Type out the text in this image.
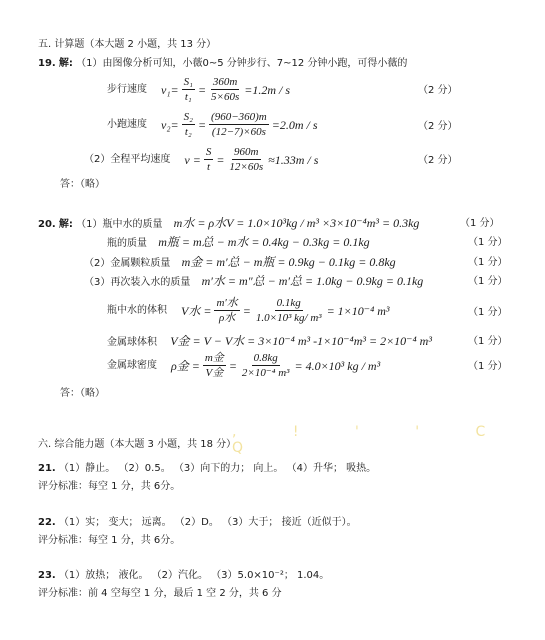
, ! ' ' C Q
五. 计算题（本大题 2 小题，共 13 分）
19. 解: （1）由图像分析可知，小薇0~5 分钟步行、7~12 分钟小跑，可得小薇的
步行速度 $v_1= \frac{\text{S₁}}{\text{t₁}} = \frac{360m}{5\times 60s} =1.2m / s$	（2 分）
小跑速度 $v_2= \frac{\text{S₂}}{\text{t₂}} = \frac{(960-360)m}{(12-7)\times 60s} =2.0m / s$	（2 分）
（2）全程平均速度 $v = \frac{S}{t} = \frac{960m}{12\times 60s} \approx 1.33m / s$	（2 分）
答：（略）
20. 解: （1）瓶中水的质量 m水 = ρ水V = 1.0×10³kg / m³ ×3×10⁻⁴m³ = 0.3kg	（1 分）
瓶的质量 m瓶 = m总 − m水 = 0.4kg − 0.3kg = 0.1kg	（1 分）
（2）金属颗粒质量 m金 = m′总 − m瓶 = 0.9kg − 0.1kg = 0.8kg	（1 分）
（3）再次装入水的质量 m′水 = m″总 − m′总 = 1.0kg − 0.9kg = 0.1kg	（1 分）
瓶中水的体积 V水 = $\frac{\text{m′水}}{\text{ρ水}} = \frac{0.1kg}{\text{1.0×10³ kg/ m³}} = 1\times 10^{-4}$ m³	（1 分）
金属球体积 V金 = V − V水 = 3×10⁻⁴ m³ -1×10⁻⁴m³ = 2×10⁻⁴ m³	（1 分）
金属球密度 ρ金 = $\frac{\text{m金}}{\text{V金}} = \frac{0.8kg}{\text{2×10⁻⁴ m³}} = 4.0\times 10^3$ kg / m³	（1 分）
答：（略）
六. 综合能力题（本大题 3 小题，共 18 分）
21. （1）静止。 （2）0.5。 （3）向下的力； 向上。 （4）升华； 吸热。
评分标准：每空 1 分，共 6分。
22. （1）实； 变大； 远离。 （2）D。 （3）大于； 接近（近似于）。
评分标准：每空 1 分，共 6分。
23. （1）放热； 液化。 （2）汽化。 （3）5.0×10⁻²； 1.04。
评分标准：前 4 空每空 1 分，最后 1 空 2 分，共 6 分
